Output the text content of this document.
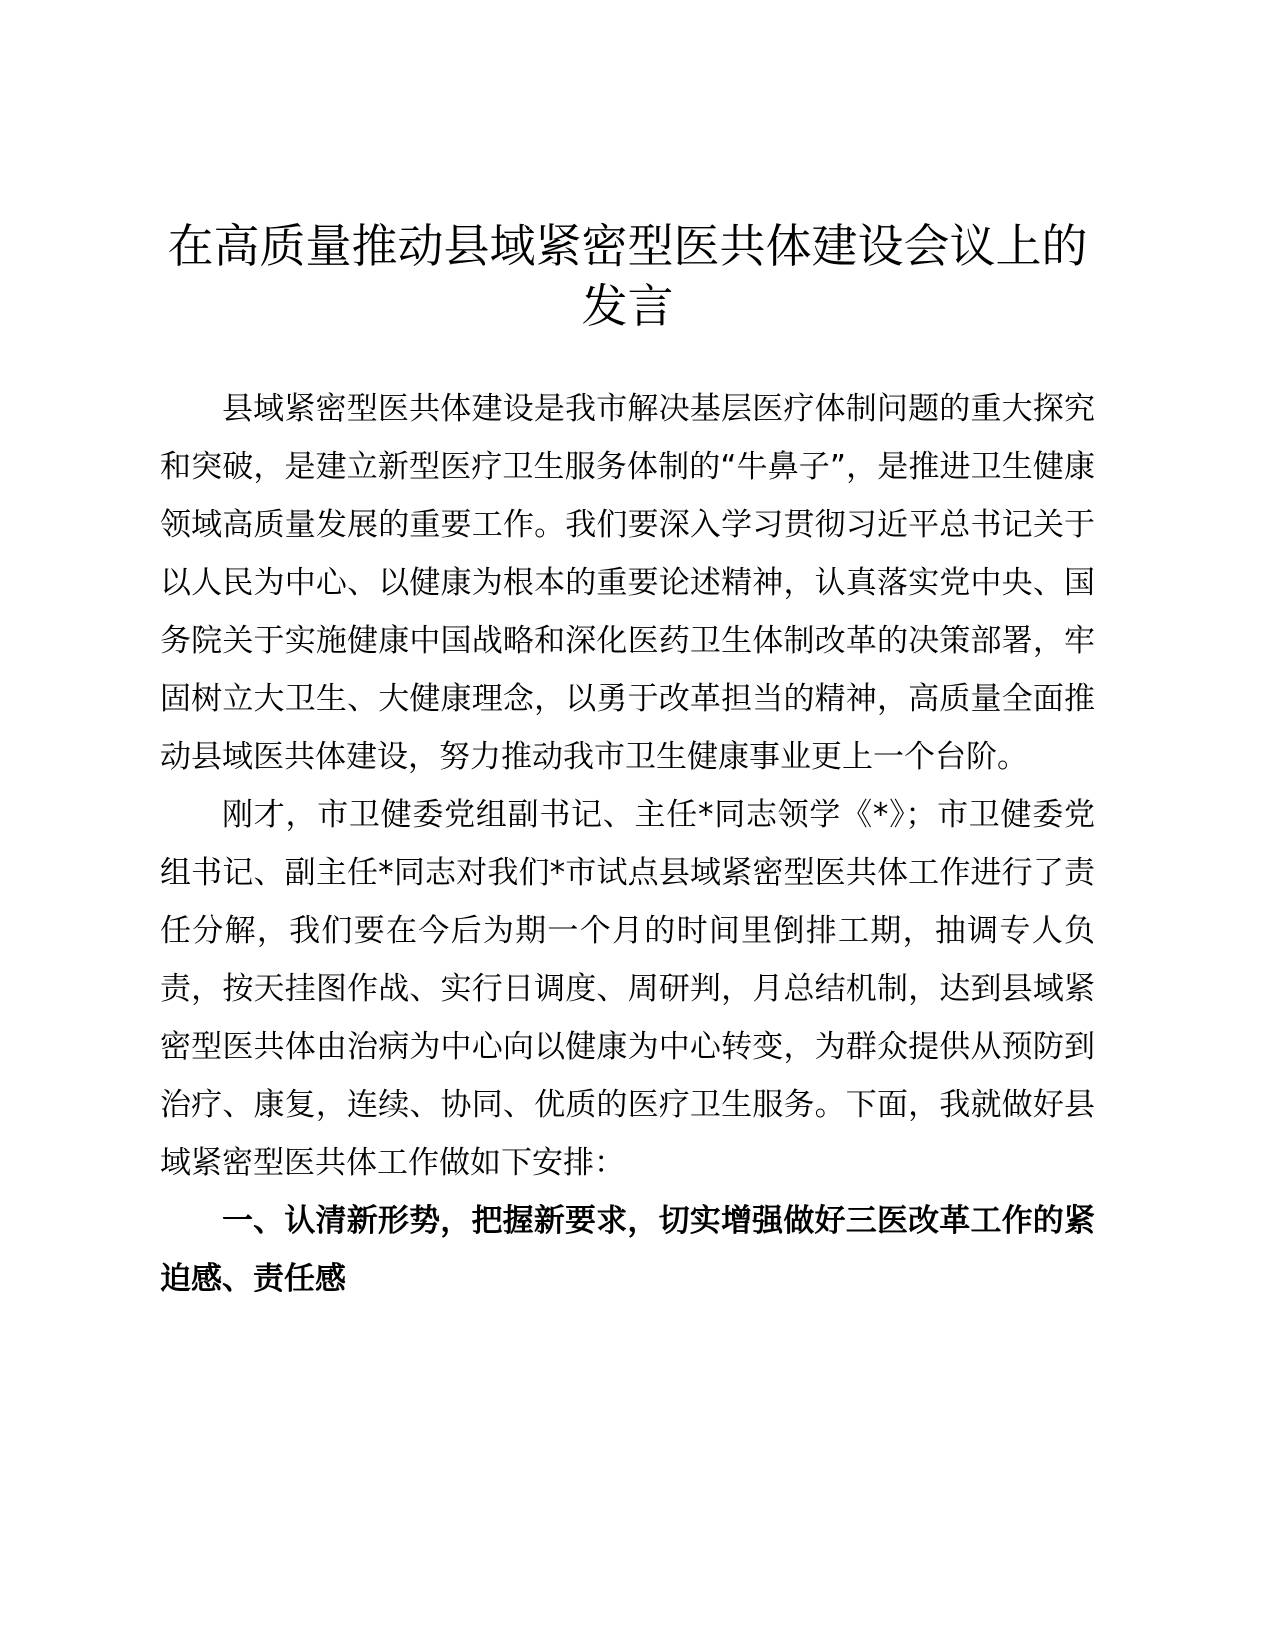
在高质量推动县域紧密型医共体建设会议上的
发言

县域紧密型医共体建设是我市解决基层医疗体制问题的重大探究和突破，是建立新型医疗卫生服务体制的“牛鼻子”，是推进卫生健康领域高质量发展的重要工作。我们要深入学习贯彻习近平总书记关于以人民为中心、以健康为根本的重要论述精神，认真落实党中央、国务院关于实施健康中国战略和深化医药卫生体制改革的决策部署，牢固树立大卫生、大健康理念，以勇于改革担当的精神，高质量全面推动县域医共体建设，努力推动我市卫生健康事业更上一个台阶。

刚才，市卫健委党组副书记、主任*同志领学《*》；市卫健委党组书记、副主任*同志对我们*市试点县域紧密型医共体工作进行了责任分解，我们要在今后为期一个月的时间里倒排工期，抽调专人负责，按天挂图作战、实行日调度、周研判，月总结机制，达到县域紧密型医共体由治病为中心向以健康为中心转变，为群众提供从预防到治疗、康复，连续、协同、优质的医疗卫生服务。下面，我就做好县域紧密型医共体工作做如下安排：

一、认清新形势，把握新要求，切实增强做好三医改革工作的紧迫感、责任感
